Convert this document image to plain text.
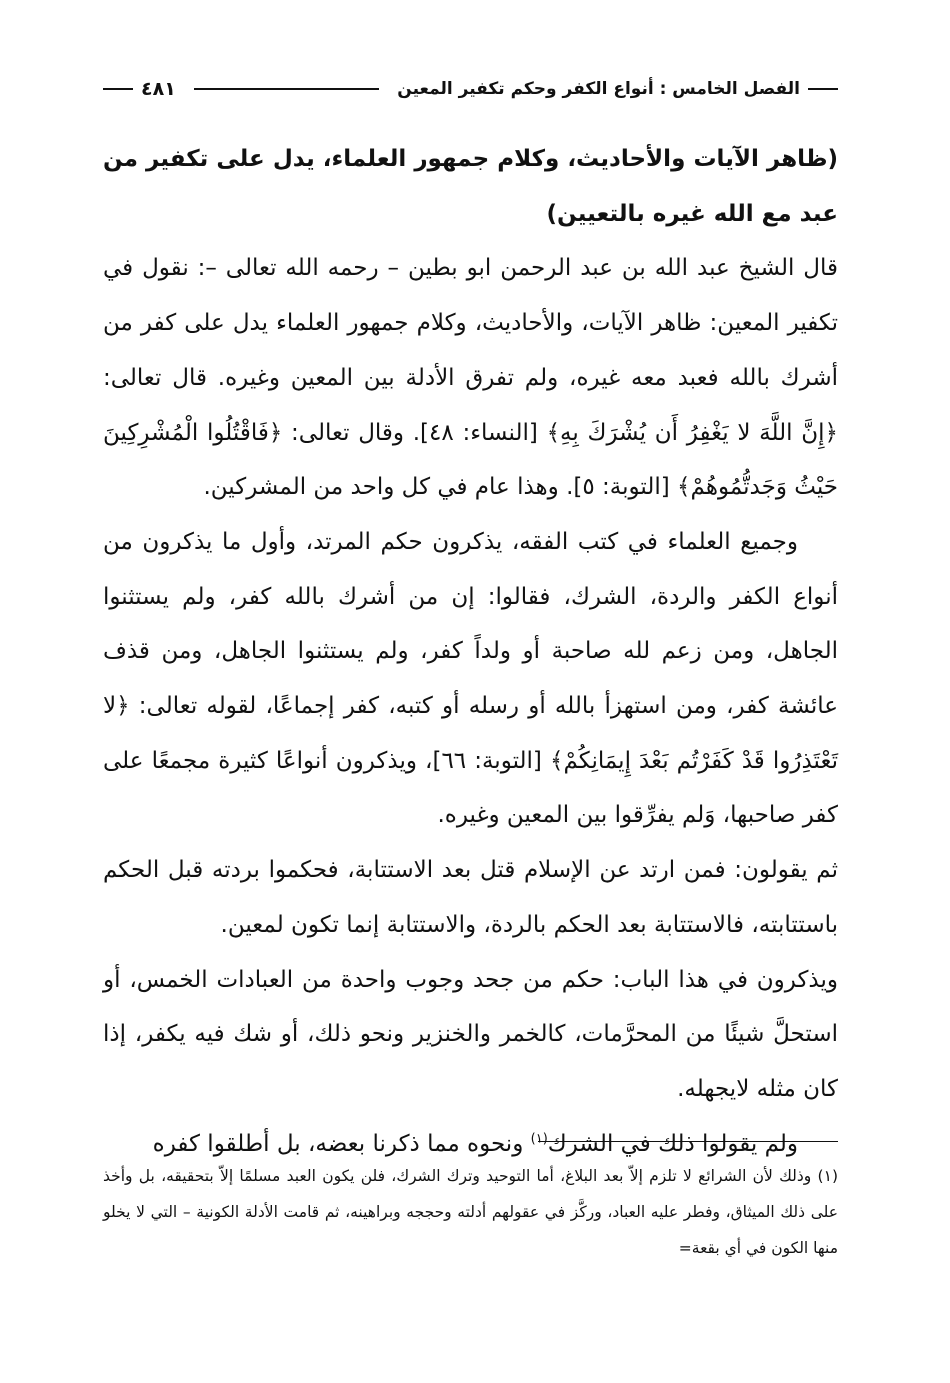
الفصل الخامس : أنواع الكفر وحكم تكفير المعين
٤٨١

(ظاهر الآيات والأحاديث، وكلام جمهور العلماء، يدل على تكفير من عبد مع الله غيره بالتعيين)

قال الشيخ عبد الله بن عبد الرحمن ابو بطين – رحمه الله تعالى –: نقول في تكفير المعين: ظاهر الآيات، والأحاديث، وكلام جمهور العلماء يدل على كفر من أشرك بالله فعبد معه غيره، ولم تفرق الأدلة بين المعين وغيره. قال تعالى: ﴿إِنَّ اللَّهَ لا يَغْفِرُ أَن يُشْرَكَ بِهِ﴾ [النساء: ٤٨]. وقال تعالى: ﴿فَاقْتُلُوا الْمُشْرِكِينَ حَيْثُ وَجَدتُّمُوهُمْ﴾ [التوبة: ٥]. وهذا عام في كل واحد من المشركين.

وجميع العلماء في كتب الفقه، يذكرون حكم المرتد، وأول ما يذكرون من أنواع الكفر والردة، الشرك، فقالوا: إن من أشرك بالله كفر، ولم يستثنوا الجاهل، ومن زعم لله صاحبة أو ولداً كفر، ولم يستثنوا الجاهل، ومن قذف عائشة كفر، ومن استهزأ بالله أو رسله أو كتبه، كفر إجماعًا، لقوله تعالى: ﴿لا تَعْتَذِرُوا قَدْ كَفَرْتُم بَعْدَ إِيمَانِكُمْ﴾ [التوبة: ٦٦]، ويذكرون أنواعًا كثيرة مجمعًا على كفر صاحبها، وَلم يفرِّقوا بين المعين وغيره.

ثم يقولون: فمن ارتد عن الإسلام قتل بعد الاستتابة، فحكموا بردته قبل الحكم باستتابته، فالاستتابة بعد الحكم بالردة، والاستتابة إنما تكون لمعين.

ويذكرون في هذا الباب: حكم من جحد وجوب واحدة من العبادات الخمس، أو استحلَّ شيئًا من المحرَّمات، كالخمر والخنزير ونحو ذلك، أو شك فيه يكفر، إذا كان مثله لايجهله.

ولم يقولوا ذلك في الشرك$^{(١)}$ ونحوه مما ذكرنا بعضه، بل أطلقوا كفره

(١) وذلك لأن الشرائع لا تلزم إلاّ بعد البلاغ، أما التوحيد وترك الشرك، فلن يكون العبد مسلمًا إلاّ بتحقيقه، بل وأخذ على ذلك الميثاق، وفطر عليه العباد، وركَّز في عقولهم أدلته وحججه وبراهينه، ثم قامت الأدلة الكونية – التي لا يخلو منها الكون في أي بقعة=
